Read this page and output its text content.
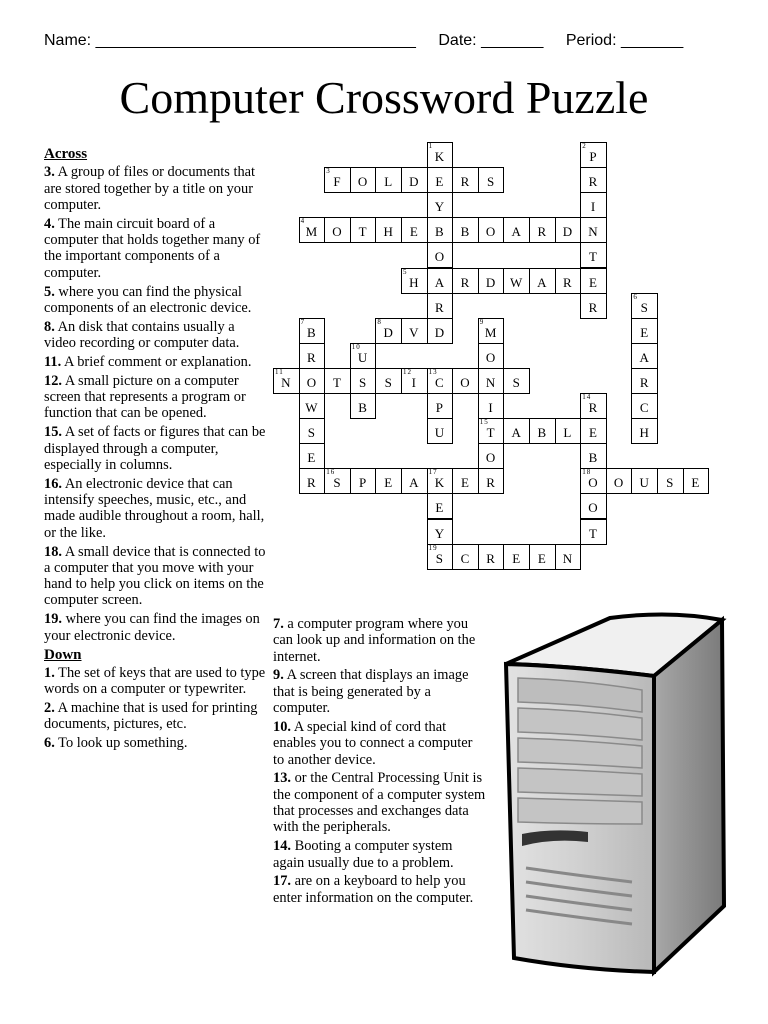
Name: ____________________________________ Date: _______ Period: _______
Computer Crossword Puzzle
Across
3. A group of files or documents that are stored together by a title on your computer.
4. The main circuit board of a computer that holds together many of the important components of a computer.
5. where you can find the physical components of an electronic device.
8. An disk that contains usually a video recording or computer data.
11. A brief comment or explanation.
12. A small picture on a computer screen that represents a program or function that can be opened.
15. A set of facts or figures that can be displayed through a computer, especially in columns.
16. An electronic device that can intensify speeches, music, etc., and made audible throughout a room, hall, or the like.
18. A small device that is connected to a computer that you move with your hand to help you click on items on the computer screen.
19. where you can find the images on your electronic device.
Down
1. The set of keys that are used to type words on a computer or typewriter.
2. A machine that is used for printing documents, pictures, etc.
6. To look up something.
7. a computer program where you can look up and information on the internet.
9. A screen that displays an image that is being generated by a computer.
10. A special kind of cord that enables you to connect a computer to another device.
13. or the Central Processing Unit is the component of a computer system that processes and exchanges data with the peripherals.
14. Booting a computer system again usually due to a problem.
17. are on a keyboard to help you enter information on the computer.
K
1
E
Y
B
O
A
R
D
P
2
R
I
N
T
E
R
F
3
O	L	D	R	S
M
4
O	T	H	E	B	O	A	R	D
H
5
R	D	W	A	R
S
6
E
A
R
C
H
B
7
R
O
W
S
E
R
D
8
V	M
9
O
N
I
T
15
O
R
U
10
S
B
N
11
T	S	I
12
C
13
O	S
P
U
R
14
E
B
O
18
O
T
A	B	L
S
16
P	E	A	K
17
E
E
Y
O	U	S	E
S
19
C	R	E	E	N
